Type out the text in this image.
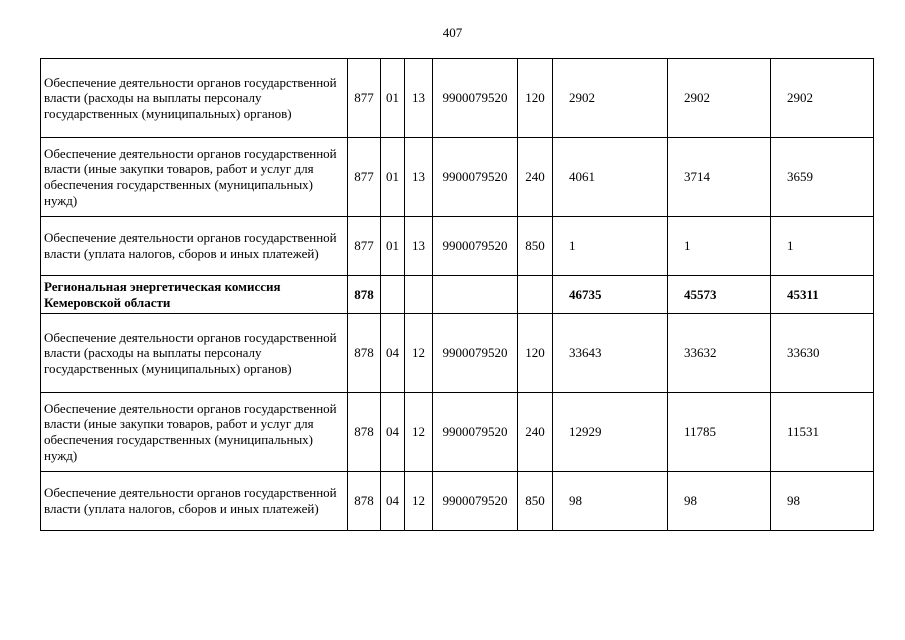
407
Обеспечение деятельности органов государственной власти (расходы на выплаты персоналу государственных (муниципальных) органов)	877	01	13	9900079520	120	2902	2902	2902
Обеспечение деятельности органов государственной власти (иные закупки товаров, работ и услуг для обеспечения государственных (муниципальных) нужд)	877	01	13	9900079520	240	4061	3714	3659
Обеспечение деятельности органов государственной власти (уплата налогов, сборов и иных платежей)	877	01	13	9900079520	850	1	1	1
Региональная энергетическая комиссия Кемеровской области	878					46735	45573	45311
Обеспечение деятельности органов государственной власти (расходы на выплаты персоналу государственных (муниципальных) органов)	878	04	12	9900079520	120	33643	33632	33630
Обеспечение деятельности органов государственной власти (иные закупки товаров, работ и услуг для обеспечения государственных (муниципальных) нужд)	878	04	12	9900079520	240	12929	11785	11531
Обеспечение деятельности органов государственной власти (уплата налогов, сборов и иных платежей)	878	04	12	9900079520	850	98	98	98
